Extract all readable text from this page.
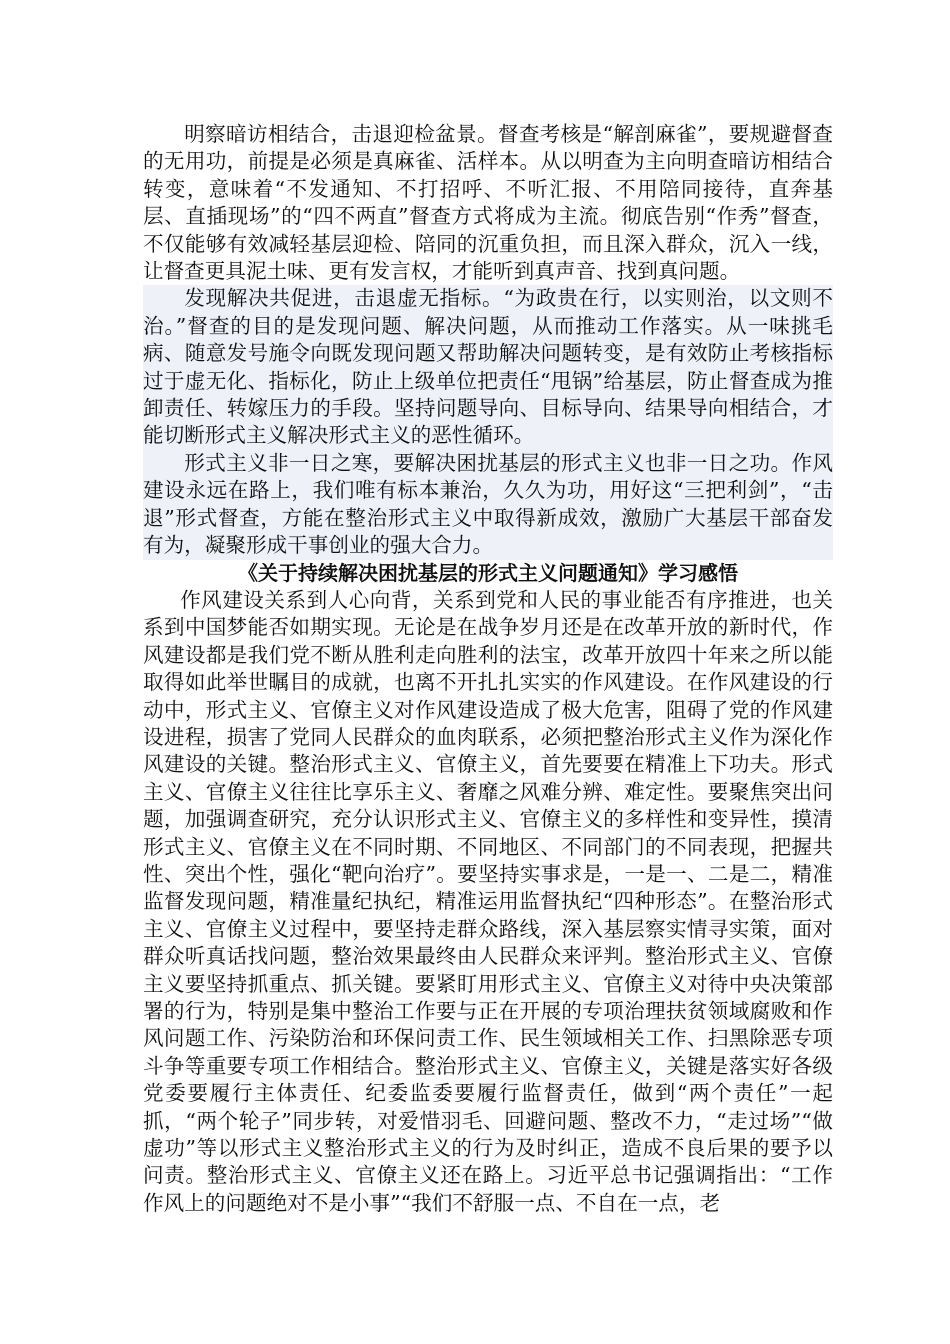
明察暗访相结合，击退迎检盆景。督查考核是“解剖麻雀”，要规避督查的无用功，前提是必须是真麻雀、活样本。从以明查为主向明查暗访相结合转变，意味着“不发通知、不打招呼、不听汇报、不用陪同接待，直奔基层、直插现场”的“四不两直”督查方式将成为主流。彻底告别“作秀”督查，不仅能够有效减轻基层迎检、陪同的沉重负担，而且深入群众，沉入一线，让督查更具泥土味、更有发言权，才能听到真声音、找到真问题。

发现解决共促进，击退虚无指标。“为政贵在行，以实则治，以文则不治。”督查的目的是发现问题、解决问题，从而推动工作落实。从一味挑毛病、随意发号施令向既发现问题又帮助解决问题转变，是有效防止考核指标过于虚无化、指标化，防止上级单位把责任“甩锅”给基层，防止督查成为推卸责任、转嫁压力的手段。坚持问题导向、目标导向、结果导向相结合，才能切断形式主义解决形式主义的恶性循环。

形式主义非一日之寒，要解决困扰基层的形式主义也非一日之功。作风建设永远在路上，我们唯有标本兼治，久久为功，用好这“三把利剑”，“击退”形式督查，方能在整治形式主义中取得新成效，激励广大基层干部奋发有为，凝聚形成干事创业的强大合力。

《关于持续解决困扰基层的形式主义问题通知》学习感悟

作风建设关系到人心向背，关系到党和人民的事业能否有序推进，也关系到中国梦能否如期实现。无论是在战争岁月还是在改革开放的新时代，作风建设都是我们党不断从胜利走向胜利的法宝，改革开放四十年来之所以能取得如此举世瞩目的成就，也离不开扎扎实实的作风建设。在作风建设的行动中，形式主义、官僚主义对作风建设造成了极大危害，阻碍了党的作风建设进程，损害了党同人民群众的血肉联系，必须把整治形式主义作为深化作风建设的关键。整治形式主义、官僚主义，首先要要在精准上下功夫。形式主义、官僚主义往往比享乐主义、奢靡之风难分辨、难定性。要聚焦突出问题，加强调查研究，充分认识形式主义、官僚主义的多样性和变异性，摸清形式主义、官僚主义在不同时期、不同地区、不同部门的不同表现，把握共性、突出个性，强化“靶向治疗”。要坚持实事求是，一是一、二是二，精准监督发现问题，精准量纪执纪，精准运用监督执纪“四种形态”。在整治形式主义、官僚主义过程中，要坚持走群众路线，深入基层察实情寻实策，面对群众听真话找问题，整治效果最终由人民群众来评判。整治形式主义、官僚主义要坚持抓重点、抓关键。要紧盯用形式主义、官僚主义对待中央决策部署的行为，特别是集中整治工作要与正在开展的专项治理扶贫领域腐败和作风问题工作、污染防治和环保问责工作、民生领域相关工作、扫黑除恶专项斗争等重要专项工作相结合。整治形式主义、官僚主义，关键是落实好各级党委要履行主体责任、纪委监委要履行监督责任，做到“两个责任”一起抓，“两个轮子”同步转，对爱惜羽毛、回避问题、整改不力，“走过场”“做虚功”等以形式主义整治形式主义的行为及时纠正，造成不良后果的要予以问责。整治形式主义、官僚主义还在路上。习近平总书记强调指出：“工作作风上的问题绝对不是小事”“我们不舒服一点、不自在一点，老
